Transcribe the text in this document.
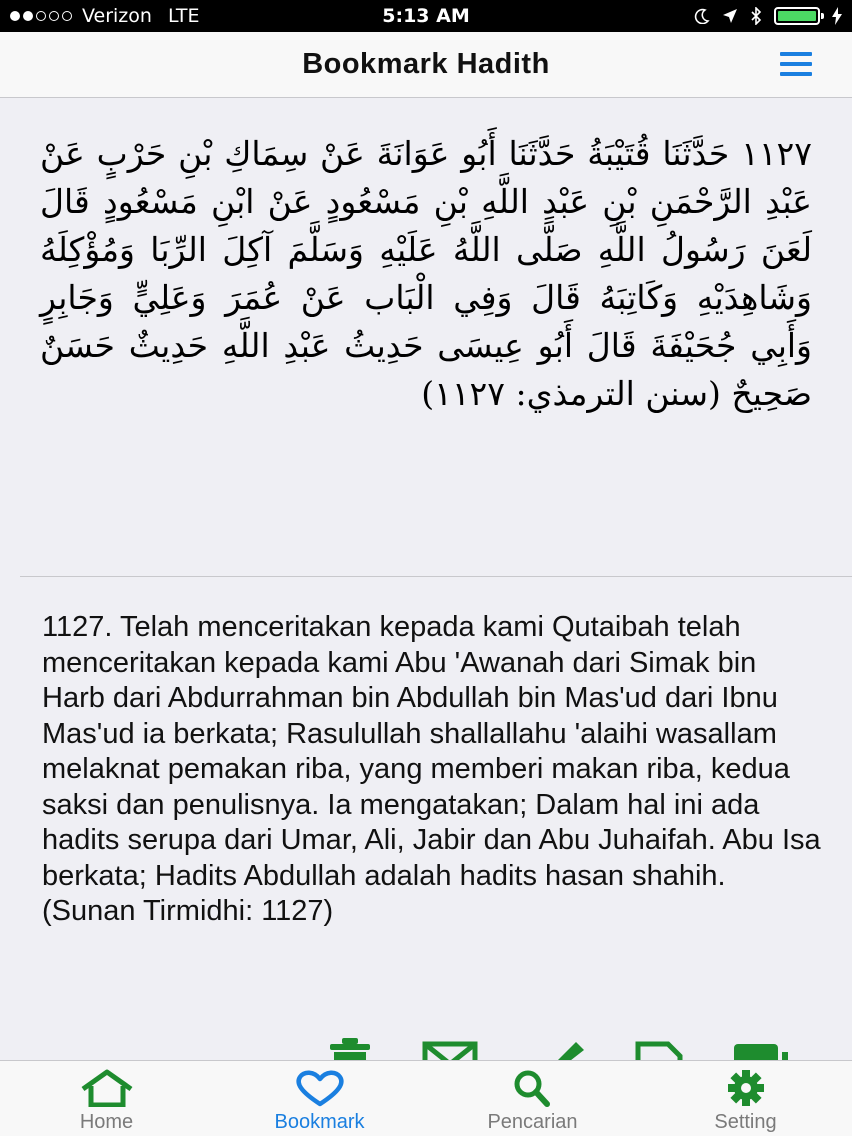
Verizon LTE	5:13 AM
Bookmark Hadith

١١٢٧ حَدَّثَنَا قُتَيْبَةُ حَدَّثَنَا أَبُو عَوَانَةَ عَنْ سِمَاكِ بْنِ حَرْبٍ عَنْ عَبْدِ الرَّحْمَنِ بْنِ عَبْدِ اللَّهِ بْنِ مَسْعُودٍ عَنْ ابْنِ مَسْعُودٍ قَالَ لَعَنَ رَسُولُ اللَّهِ صَلَّى اللَّهُ عَلَيْهِ وَسَلَّمَ آكِلَ الرِّبَا وَمُؤْكِلَهُ وَشَاهِدَيْهِ وَكَاتِبَهُ قَالَ وَفِي الْبَاب عَنْ عُمَرَ وَعَلِيٍّ وَجَابِرٍ وَأَبِي جُحَيْفَةَ قَالَ أَبُو عِيسَى حَدِيثُ عَبْدِ اللَّهِ حَدِيثٌ حَسَنٌ صَحِيحٌ (سنن الترمذي: ١١٢٧)

1127. Telah menceritakan kepada kami Qutaibah telah menceritakan kepada kami Abu 'Awanah dari Simak bin Harb dari Abdurrahman bin Abdullah bin Mas'ud dari Ibnu Mas'ud ia berkata; Rasulullah shallallahu 'alaihi wasallam melaknat pemakan riba, yang memberi makan riba, kedua saksi dan penulisnya. Ia mengatakan; Dalam hal ini ada hadits serupa dari Umar, Ali, Jabir dan Abu Juhaifah. Abu Isa berkata; Hadits Abdullah adalah hadits hasan shahih. (Sunan Tirmidhi: 1127)

Home	Bookmark	Pencarian	Setting
